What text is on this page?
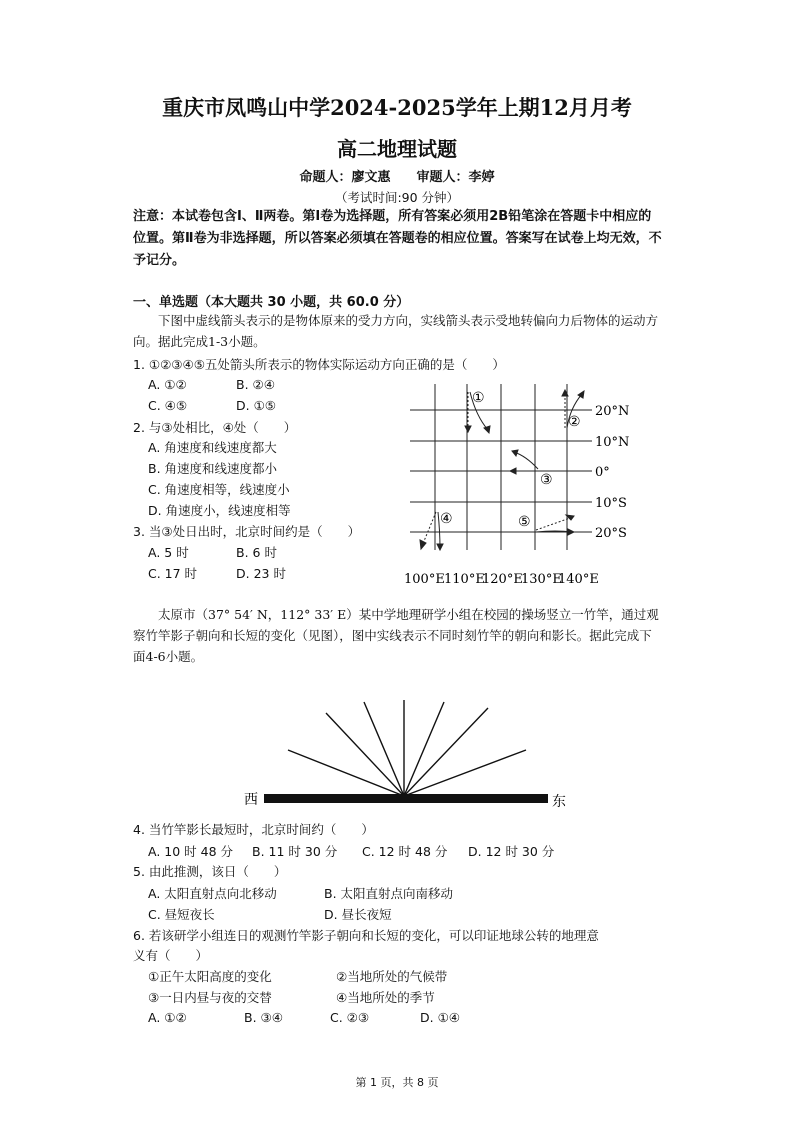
重庆市凤鸣山中学2024-2025学年上期12月月考
高二地理试题
命题人：廖文惠　　审题人：李婷
（考试时间:90 分钟）
注意：本试卷包含Ⅰ、Ⅱ两卷。第Ⅰ卷为选择题，所有答案必须用2B铅笔涂在答题卡中相应的位置。第Ⅱ卷为非选择题，所以答案必须填在答题卷的相应位置。答案写在试卷上均无效，不予记分。
一、单选题（本大题共 30 小题，共 60.0 分）
下图中虚线箭头表示的是物体原来的受力方向，实线箭头表示受地转偏向力后物体的运动方向。据此完成1-3小题。
1. ①②③④⑤五处箭头所表示的物体实际运动方向正确的是（　　）
A. ①②	B. ②④
C. ④⑤	D. ①⑤
2. 与③处相比，④处（　　）
A. 角速度和线速度都大
B. 角速度和线速度都小
C. 角速度相等，线速度小
D. 角速度小，线速度相等
3. 当③处日出时，北京时间约是（　　）
A. 5 时	B. 6 时
C. 17 时	D. 23 时
20°N
10°N
0°
10°S
20°S
100°E 110°E
120°E
130°E
140°E
①
②
③
④	⑤
太原市（37° 54′ N，112° 33′ E）某中学地理研学小组在校园的操场竖立一竹竿，通过观察竹竿影子朝向和长短的变化（见图），图中实线表示不同时刻竹竿的朝向和影长。据此完成下面4-6小题。
西	东
4. 当竹竿影长最短时，北京时间约（　　）
A. 10 时 48 分 B. 11 时 30 分 C. 12 时 48 分 D. 12 时 30 分
5. 由此推测，该日（　　）
A. 太阳直射点向北移动	B. 太阳直射点向南移动
C. 昼短夜长	D. 昼长夜短
6. 若该研学小组连日的观测竹竿影子朝向和长短的变化，可以印证地球公转的地理意
义有（　　）
①正午太阳高度的变化	②当地所处的气候带
③一日内昼与夜的交替	④当地所处的季节
A. ①②	B. ③④	C. ②③	D. ①④
第 1 页，共 8 页
